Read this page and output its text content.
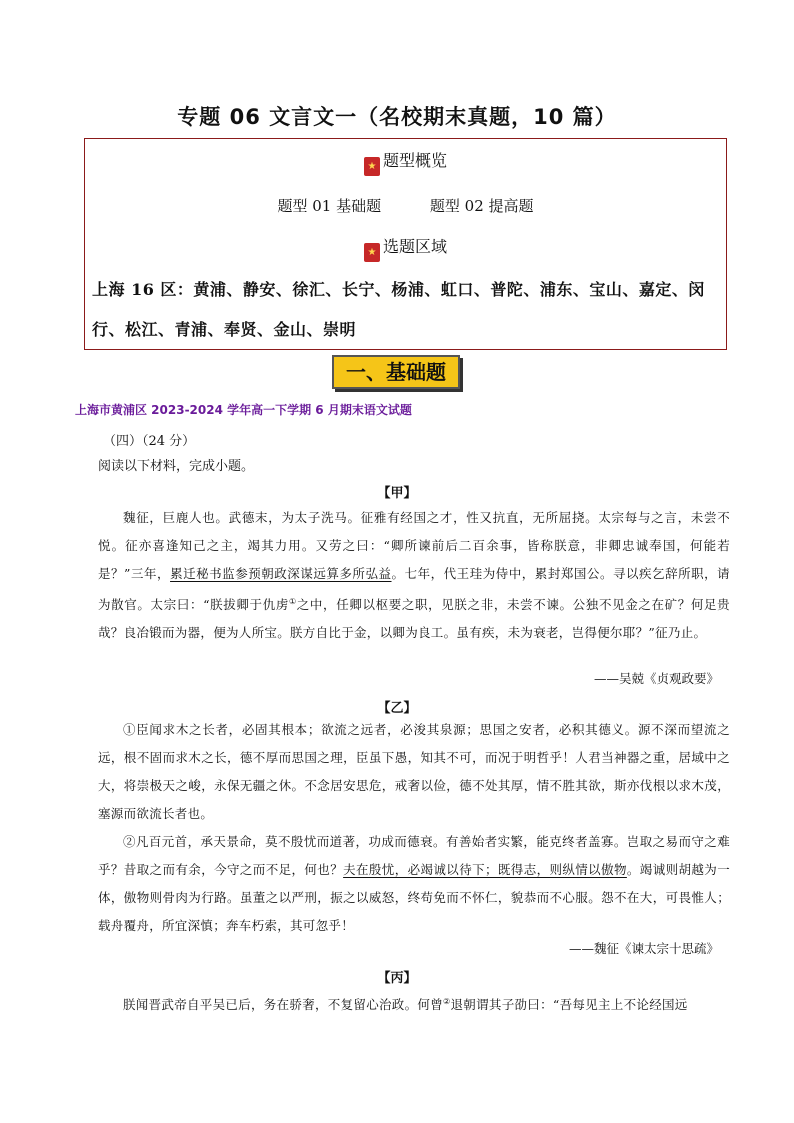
专题 06 文言文一（名校期末真题，10 篇）
★ 题型概览
题型 01 基础题	题型 02 提高题
★ 选题区域
上海 16 区：黄浦、静安、徐汇、长宁、杨浦、虹口、普陀、浦东、宝山、嘉定、闵行、松江、青浦、奉贤、金山、崇明
一、基础题
上海市黄浦区 2023-2024 学年高一下学期 6 月期末语文试题
（四）（24 分）
阅读以下材料，完成小题。
【甲】
魏征，巨鹿人也。武德末，为太子洗马。征雅有经国之才，性又抗直，无所屈挠。太宗每与之言，未尝不悦。征亦喜逢知己之主，竭其力用。又劳之曰：“卿所谏前后二百余事，皆称朕意，非卿忠诚奉国，何能若是？”三年，累迁秘书监参预朝政深谋远算多所弘益。七年，代王珪为侍中，累封郑国公。寻以疾乞辞所职，请为散官。太宗曰：“朕拔卿于仇虏①之中，任卿以枢要之职，见朕之非，未尝不谏。公独不见金之在矿？何足贵哉？良冶锻而为器，便为人所宝。朕方自比于金，以卿为良工。虽有疾，未为衰老，岂得便尔耶？”征乃止。
——吴兢《贞观政要》
【乙】
①臣闻求木之长者，必固其根本；欲流之远者，必浚其泉源；思国之安者，必积其德义。源不深而望流之远，根不固而求木之长，德不厚而思国之理，臣虽下愚，知其不可，而况于明哲乎！人君当神器之重，居域中之大，将崇极天之峻，永保无疆之休。不念居安思危，戒奢以俭，德不处其厚，情不胜其欲，斯亦伐根以求木茂，塞源而欲流长者也。
②凡百元首，承天景命，莫不殷忧而道著，功成而德衰。有善始者实繁，能克终者盖寡。岂取之易而守之难乎？昔取之而有余，今守之而不足，何也？夫在殷忧，必竭诚以待下；既得志，则纵情以傲物。竭诚则胡越为一体，傲物则骨肉为行路。虽董之以严刑，振之以威怒，终苟免而不怀仁，貌恭而不心服。怨不在大，可畏惟人；载舟覆舟，所宜深慎；奔车朽索，其可忽乎！
——魏征《谏太宗十思疏》
【丙】
朕闻晋武帝自平吴已后，务在骄奢，不复留心治政。何曾②退朝谓其子劭曰：“吾每见主上不论经国远
